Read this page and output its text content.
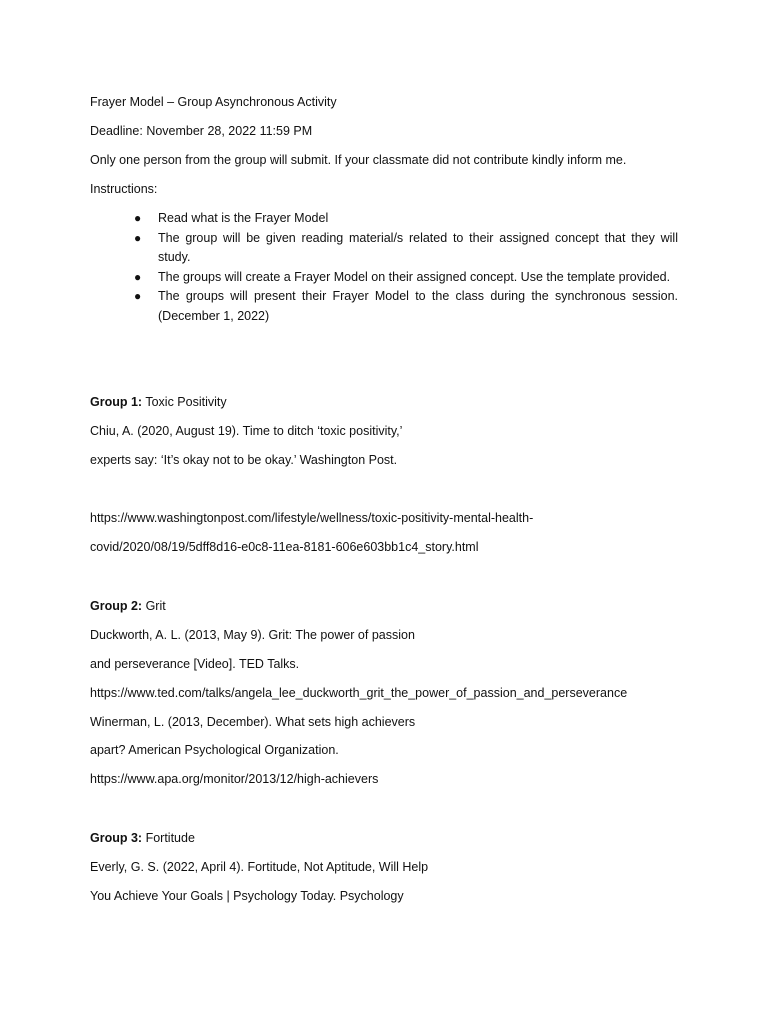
Frayer Model – Group Asynchronous Activity
Deadline: November 28, 2022 11:59 PM
Only one person from the group will submit. If your classmate did not contribute kindly inform me.
Instructions:
● Read what is the Frayer Model
● The group will be given reading material/s related to their assigned concept that they will study.
● The groups will create a Frayer Model on their assigned concept. Use the template provided.
● The groups will present their Frayer Model to the class during the synchronous session. (December 1, 2022)
Group 1: Toxic Positivity
Chiu, A. (2020, August 19). Time to ditch ‘toxic positivity,’
experts say: ‘It’s okay not to be okay.’ Washington Post.
https://www.washingtonpost.com/lifestyle/wellness/toxic-positivity-mental-health-
covid/2020/08/19/5dff8d16-e0c8-11ea-8181-606e603bb1c4_story.html
Group 2: Grit
Duckworth, A. L. (2013, May 9). Grit: The power of passion
and perseverance [Video]. TED Talks.
https://www.ted.com/talks/angela_lee_duckworth_grit_the_power_of_passion_and_perseverance
Winerman, L. (2013, December). What sets high achievers
apart? American Psychological Organization.
https://www.apa.org/monitor/2013/12/high-achievers
Group 3: Fortitude
Everly, G. S. (2022, April 4). Fortitude, Not Aptitude, Will Help
You Achieve Your Goals | Psychology Today. Psychology
